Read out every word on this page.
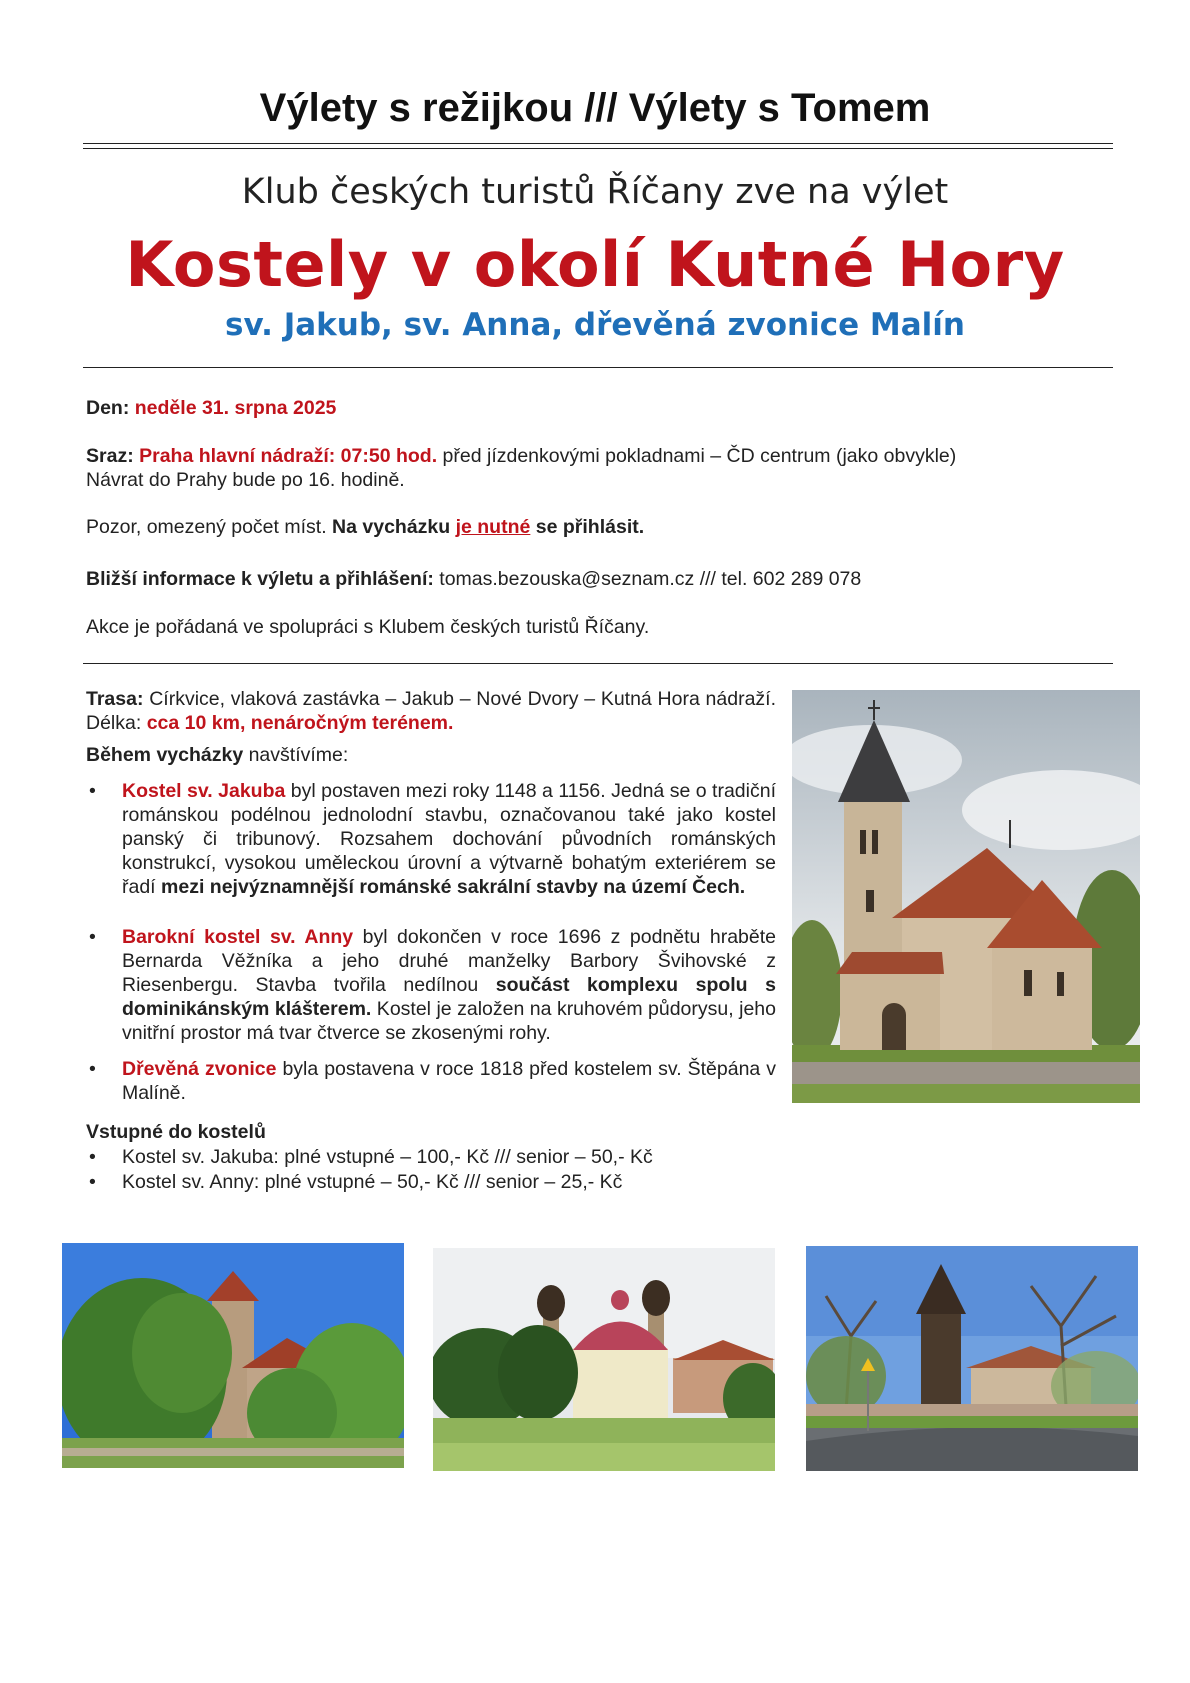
Výlety s režijkou /// Výlety s Tomem
Klub českých turistů Říčany zve na výlet
Kostely v okolí Kutné Hory
sv. Jakub, sv. Anna, dřevěná zvonice Malín
Den: neděle 31. srpna 2025
Sraz: Praha hlavní nádraží: 07:50 hod. před jízdenkovými pokladnami – ČD centrum (jako obvykle)
Návrat do Prahy bude po 16. hodině.
Pozor, omezený počet míst. Na vycházku je nutné se přihlásit.
Bližší informace k výletu a přihlášení: tomas.bezouska@seznam.cz /// tel. 602 289 078
Akce je pořádaná ve spolupráci s Klubem českých turistů Říčany.

Trasa: Církvice, vlaková zastávka – Jakub – Nové Dvory – Kutná Hora nádraží. Délka: cca 10 km, nenáročným terénem.

Během vycházky navštívíme:

• Kostel sv. Jakuba byl postaven mezi roky 1148 a 1156. Jedná se o tradiční románskou podélnou jednolodní stavbu, označovanou také jako kostel panský či tribunový. Rozsahem dochování původních románských konstrukcí, vysokou uměleckou úrovní a výtvarně bohatým exteriérem se řadí mezi nejvýznamnější románské sakrální stavby na území Čech.
• Barokní kostel sv. Anny byl dokončen v roce 1696 z podnětu hraběte Bernarda Věžníka a jeho druhé manželky Barbory Švihovské z Riesenbergu. Stavba tvořila nedílnou součást komplexu spolu s dominikánským klášterem. Kostel je založen na kruhovém půdorysu, jeho vnitřní prostor má tvar čtverce se zkosenými rohy.
• Dřevěná zvonice byla postavena v roce 1818 před kostelem sv. Štěpána v Malíně.
Vstupné do kostelů
• Kostel sv. Jakuba: plné vstupné – 100,- Kč /// senior – 50,- Kč
• Kostel sv. Anny: plné vstupné – 50,- Kč /// senior – 25,- Kč
